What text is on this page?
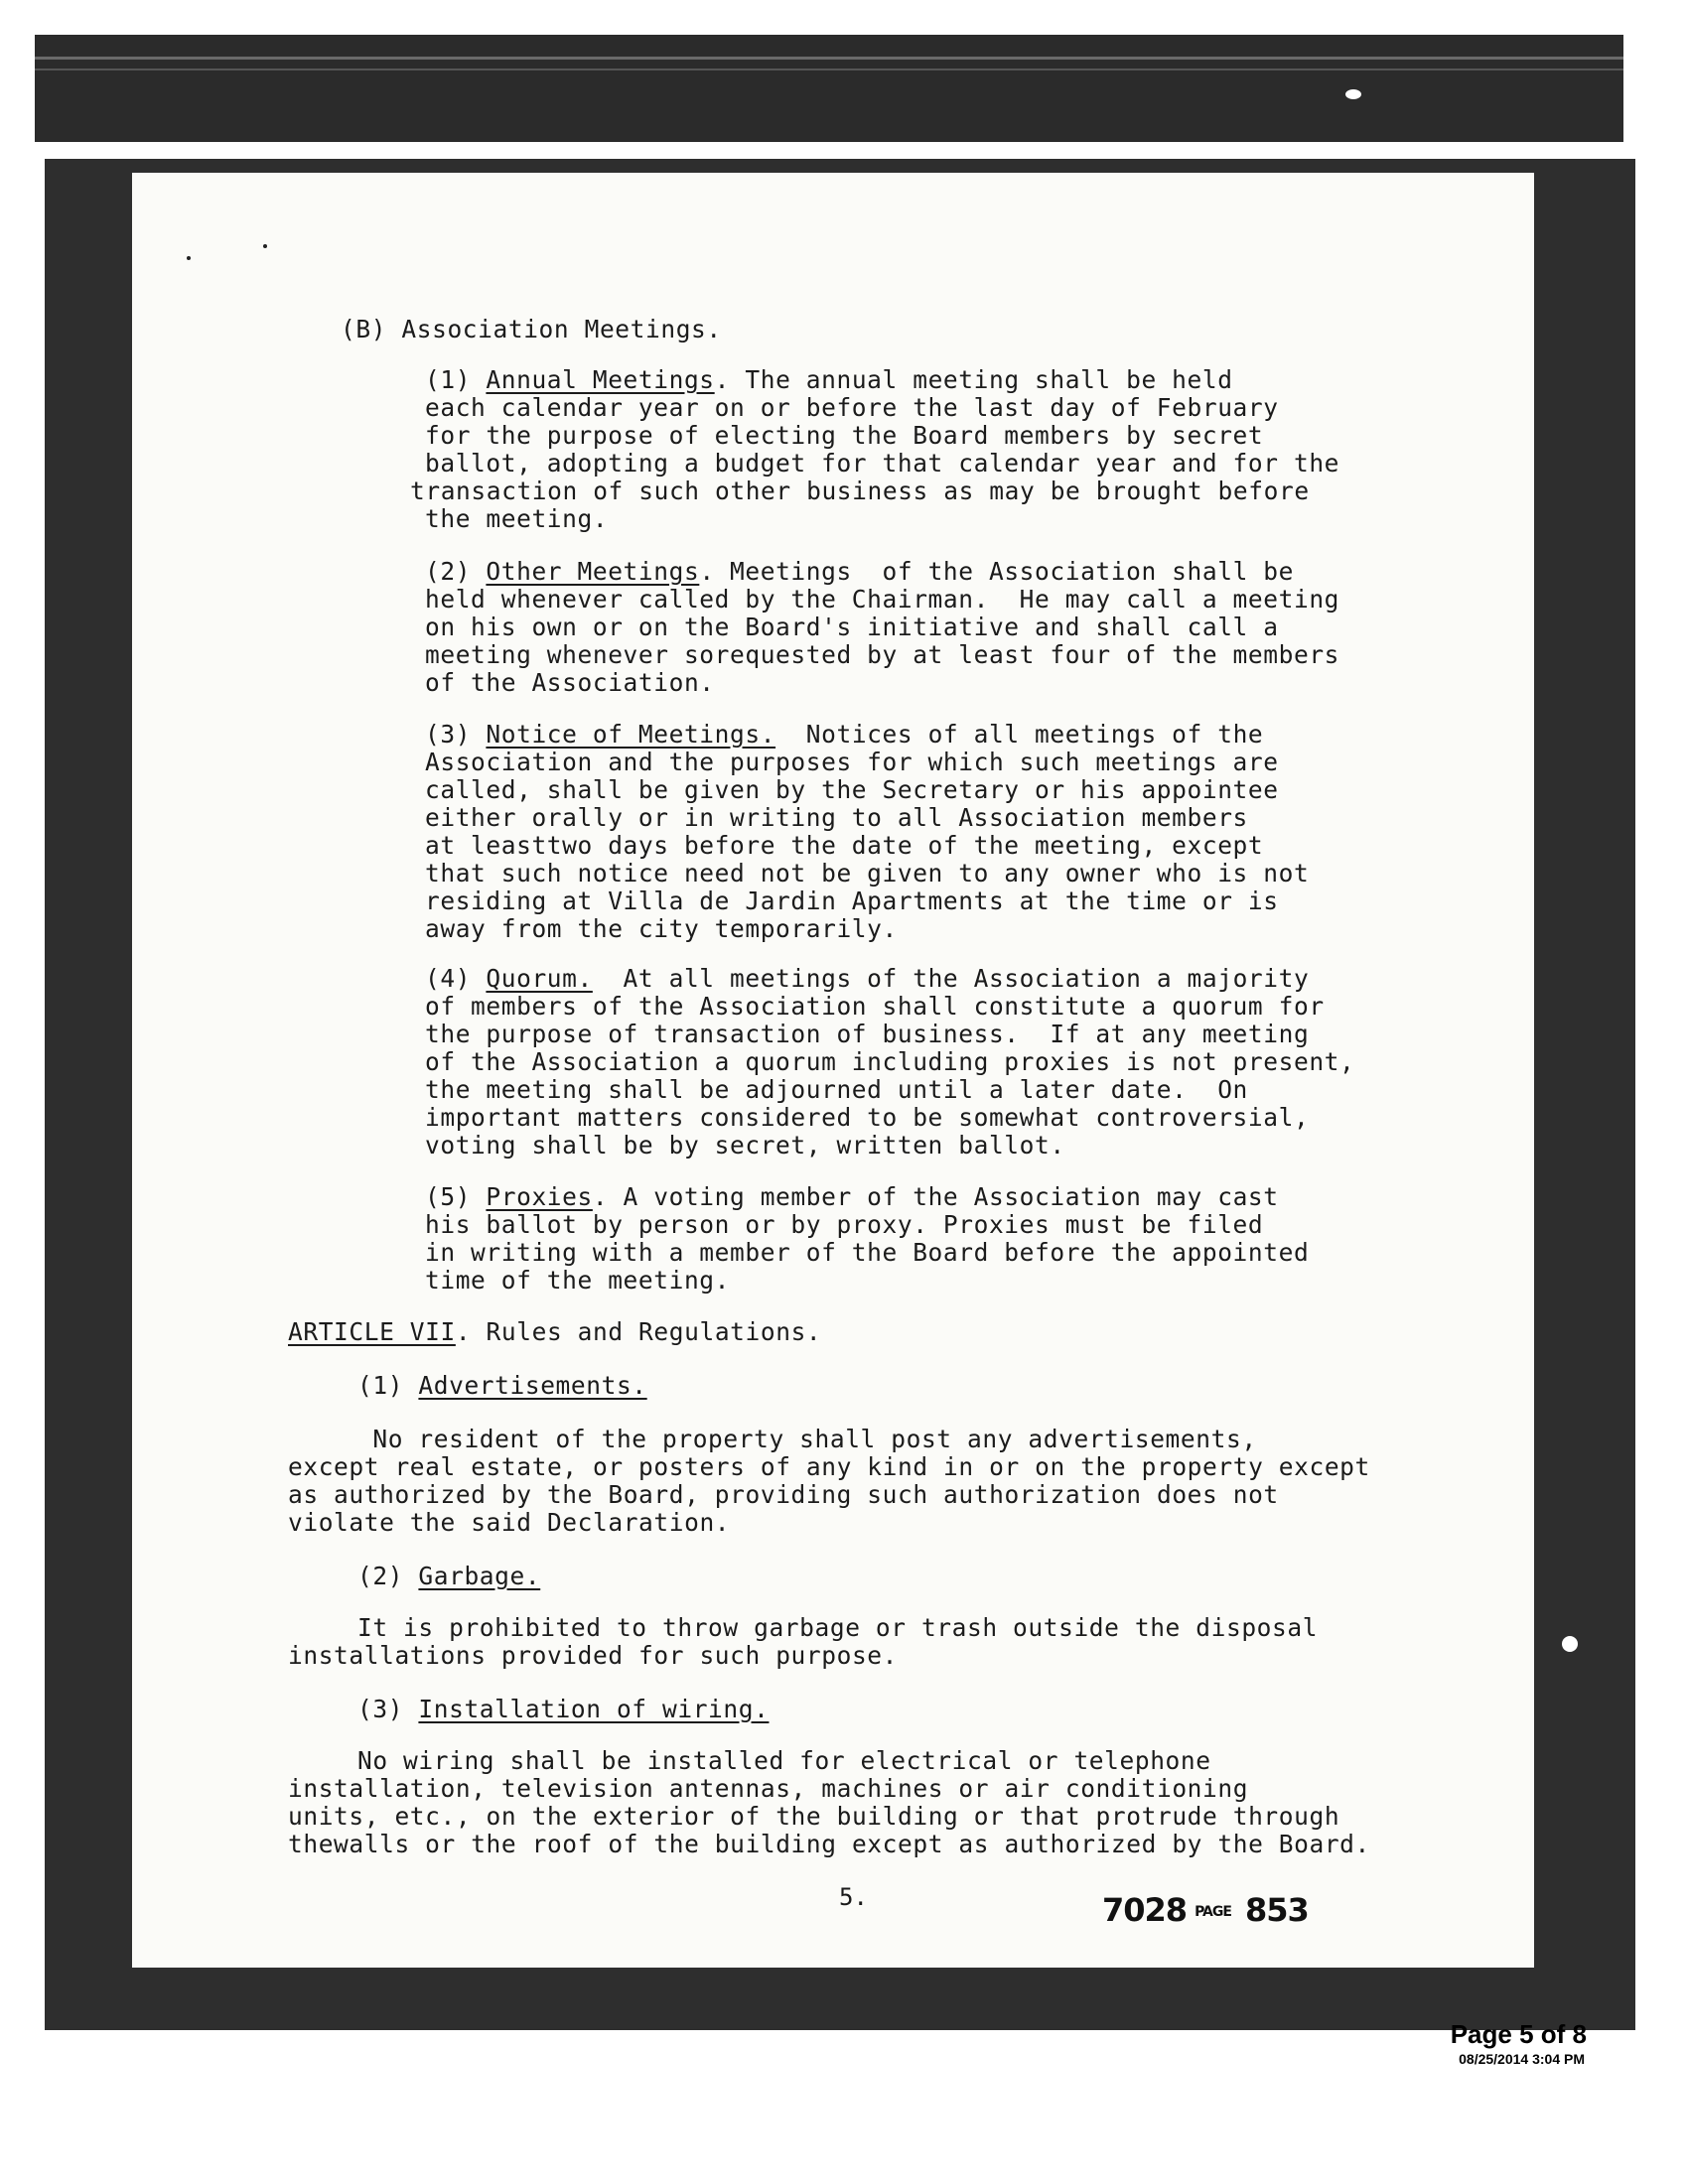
(B) Association Meetings.
(1) Annual Meetings. The annual meeting shall be held
each calendar year on or before the last day of February
for the purpose of electing the Board members by secret
ballot, adopting a budget for that calendar year and for the
transaction of such other business as may be brought before
the meeting.
(2) Other Meetings. Meetings  of the Association shall be
held whenever called by the Chairman.  He may call a meeting
on his own or on the Board's initiative and shall call a
meeting whenever sorequested by at least four of the members
of the Association.
(3) Notice of Meetings.  Notices of all meetings of the
Association and the purposes for which such meetings are
called, shall be given by the Secretary or his appointee
either orally or in writing to all Association members
at leasttwo days before the date of the meeting, except
that such notice need not be given to any owner who is not
residing at Villa de Jardin Apartments at the time or is
away from the city temporarily.
(4) Quorum.  At all meetings of the Association a majority
of members of the Association shall constitute a quorum for
the purpose of transaction of business.  If at any meeting
of the Association a quorum including proxies is not present,
the meeting shall be adjourned until a later date.  On
important matters considered to be somewhat controversial,
voting shall be by secret, written ballot.
(5) Proxies. A voting member of the Association may cast
his ballot by person or by proxy. Proxies must be filed
in writing with a member of the Board before the appointed
time of the meeting.
ARTICLE VII. Rules and Regulations.
(1) Advertisements.
No resident of the property shall post any advertisements,
except real estate, or posters of any kind in or on the property except
as authorized by the Board, providing such authorization does not
violate the said Declaration.
(2) Garbage.
It is prohibited to throw garbage or trash outside the disposal
installations provided for such purpose.
(3) Installation of wiring.
No wiring shall be installed for electrical or telephone
installation, television antennas, machines or air conditioning
units, etc., on the exterior of the building or that protrude through
thewalls or the roof of the building except as authorized by the Board.
5.	7028 PAGE 853
Page 5 of 8
08/25/2014 3:04 PM
